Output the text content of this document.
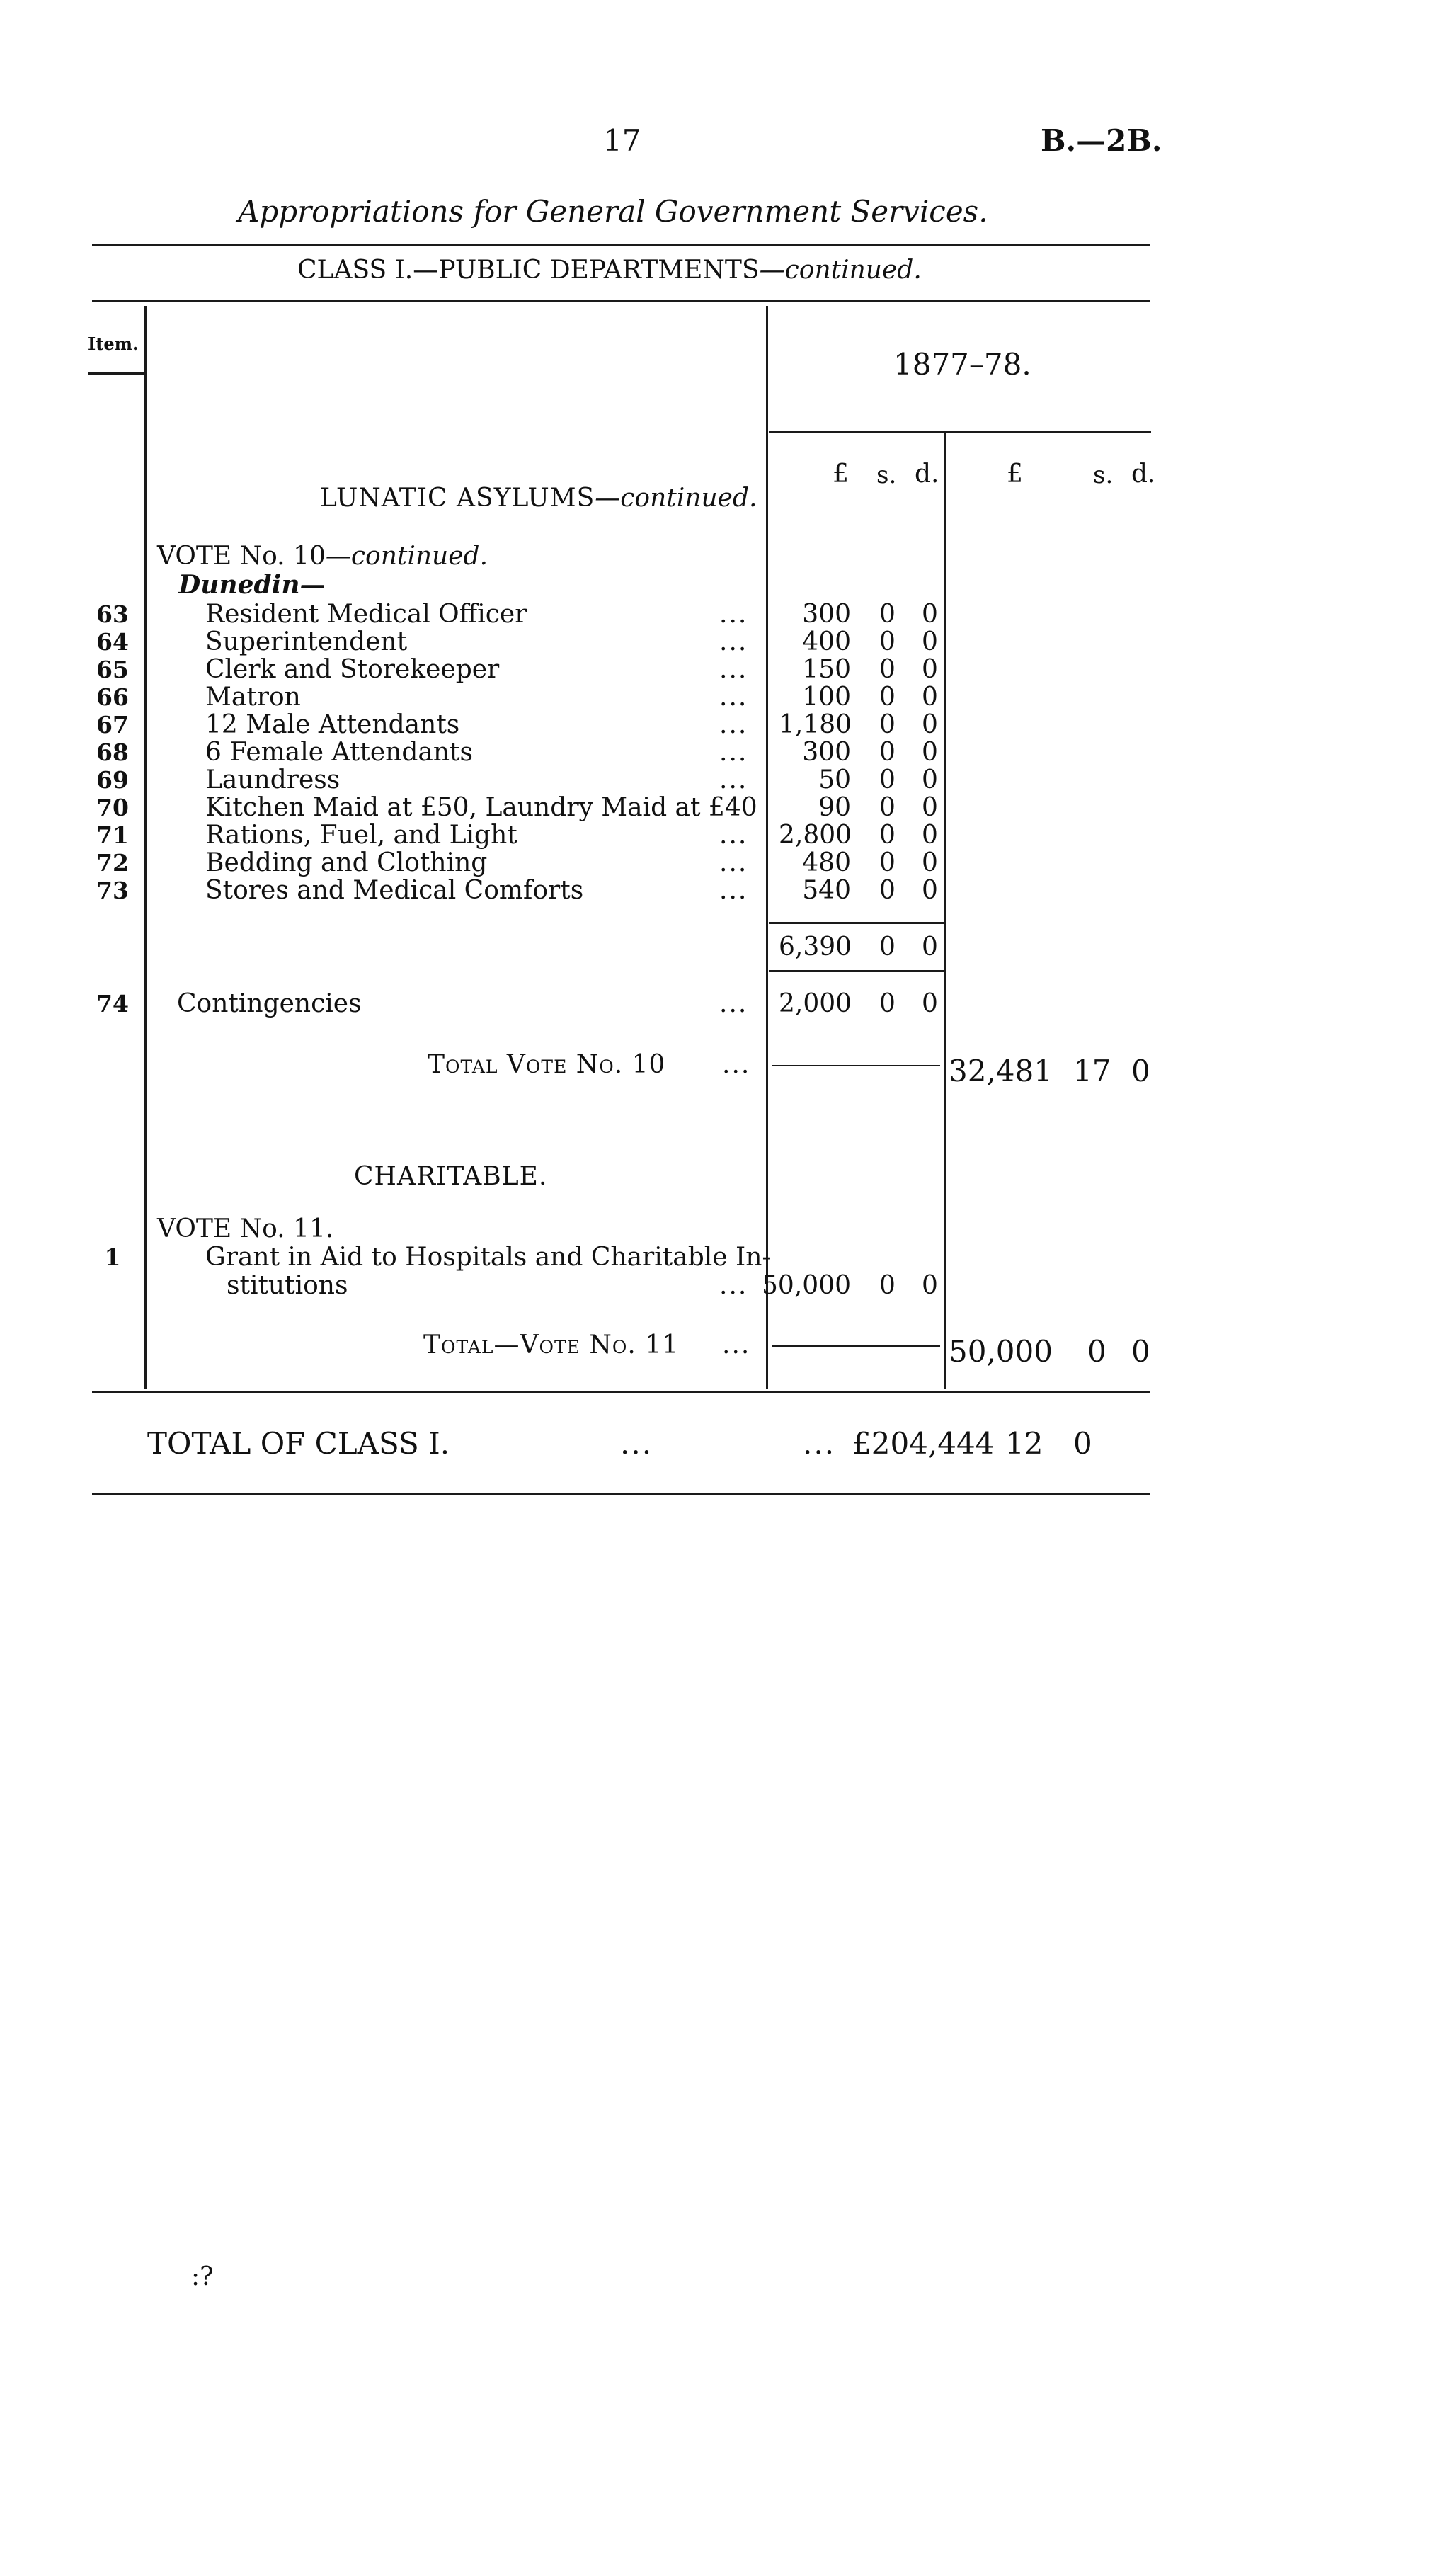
17	B.—2B.
Appropriations for General Government Services.
CLASS I.—PUBLIC DEPARTMENTS—continued.
Item.
1877–78.
£ s. d.	£	s. d.
LUNATIC ASYLUMS—continued.
VOTE No. 10—continued.
Dunedin—
63	Resident Medical Officer	...	300 0 0
64	Superintendent	...	400 0 0
65	Clerk and Storekeeper	...	150 0 0
66	Matron	...	100 0 0
67	12 Male Attendants	... 1,180 0 0
68	6 Female Attendants	...	300 0 0
69	Laundress	...	50 0 0
70	Kitchen Maid at £50, Laundry Maid at £40	90 0 0
71	Rations, Fuel, and Light	... 2,800 0 0
72	Bedding and Clothing	...	480 0 0
73	Stores and Medical Comforts	...	540 0 0
6,390 0 0
74	Contingencies	... 2,000 0 0
Total Vote No. 10 ...	32,481 17 0
CHARITABLE.
VOTE No. 11.
1	Grant in Aid to Hospitals and Charitable In-
stitutions	... 50,000 0 0
Total—Vote No. 11 ...	50,000 0 0
TOTAL OF CLASS I.	...	... £204,444 12 0
:?
